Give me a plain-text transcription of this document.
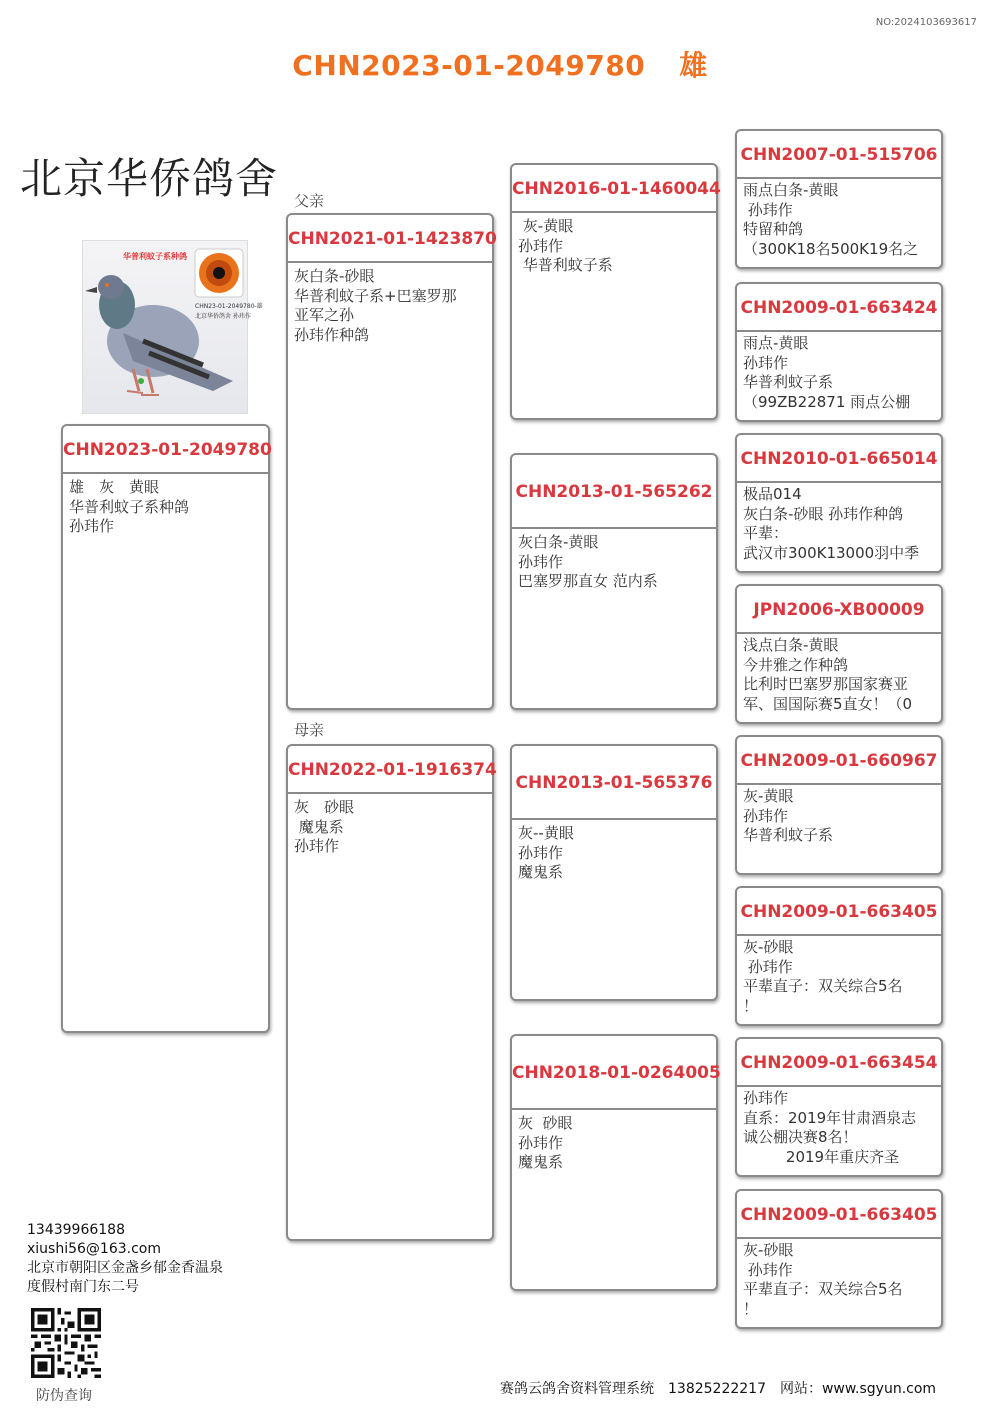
NO:2024103693617
CHN2023-01-2049780 雄
北京华侨鸽舍
华普利蚊子系种鸽
CHN23-01-2049780-雄
北京华侨鸽舍 孙玮作
父亲
母亲
CHN2023-01-2049780
雄　灰　黄眼
华普利蚊子系种鸽
孙玮作
CHN2021-01-1423870
灰白条-砂眼
华普利蚊子系+巴塞罗那
亚军之孙
孙玮作种鸽
CHN2022-01-1916374
灰　砂眼
魔鬼系
孙玮作
CHN2016-01-1460044
灰-黄眼
孙玮作
华普利蚊子系
CHN2013-01-565262
灰白条-黄眼
孙玮作
巴塞罗那直女 范内系
CHN2013-01-565376
灰--黄眼
孙玮作
魔鬼系
CHN2018-01-0264005
灰  砂眼
孙玮作
魔鬼系
CHN2007-01-515706
雨点白条-黄眼
孙玮作
特留种鸽
（300K18名500K19名之
CHN2009-01-663424
雨点-黄眼
孙玮作
华普利蚊子系
（99ZB22871 雨点公棚
CHN2010-01-665014
极品014
灰白条-砂眼 孙玮作种鸽
平辈：
武汉市300K13000羽中季
JPN2006-XB00009
浅点白条-黄眼
今井雅之作种鸽
比利时巴塞罗那国家赛亚
军、国国际赛5直女！（0
CHN2009-01-660967
灰-黄眼
孙玮作
华普利蚊子系
CHN2009-01-663405
灰-砂眼
孙玮作
平辈直子：双关综合5名
！
CHN2009-01-663454
孙玮作
直系：2019年甘肃酒泉志
诚公棚决赛8名！
2019年重庆齐圣
CHN2009-01-663405
灰-砂眼
孙玮作
平辈直子：双关综合5名
！
13439966188
xiushi56@163.com
北京市朝阳区金盏乡郁金香温泉
度假村南门东二号
防伪查询	赛鸽云鸽舍资料管理系统 13825222217 网站：www.sgyun.com
